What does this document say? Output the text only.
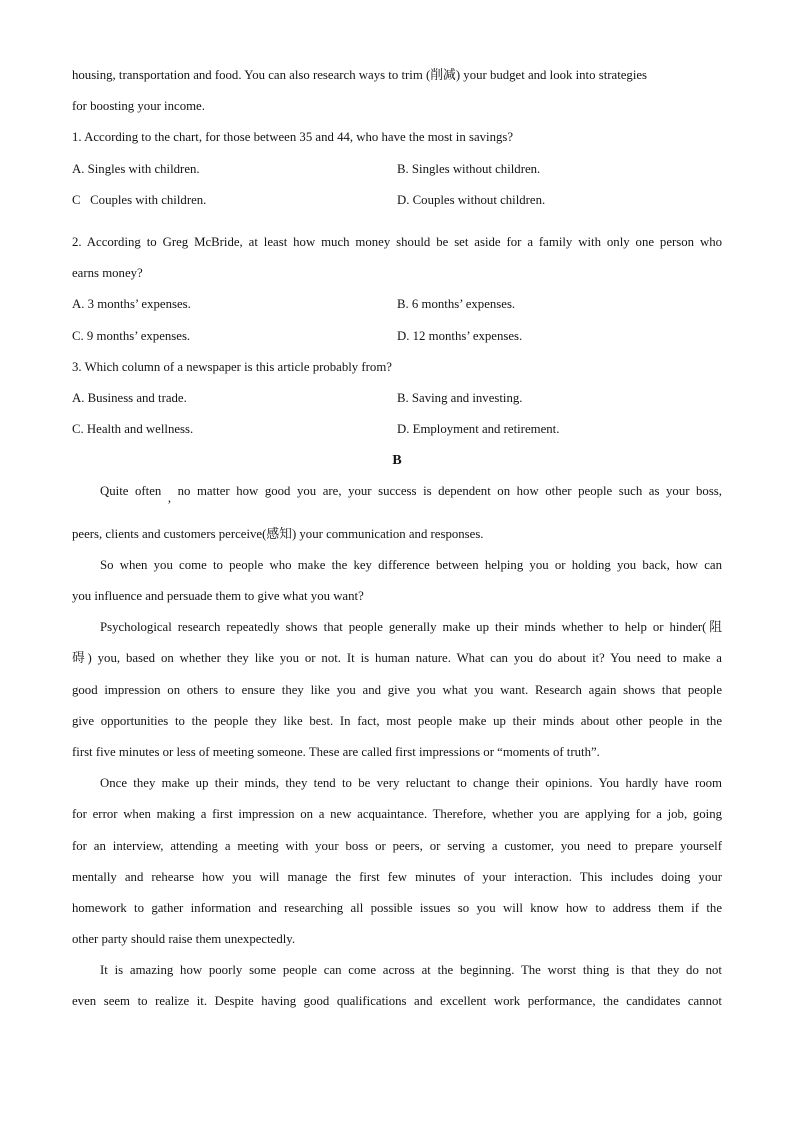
housing, transportation and food. You can also research ways to trim (削减) your budget and look into strategies
for boosting your income.
1. According to the chart, for those between 35 and 44, who have the most in savings?
A. Singles with children.	B. Singles without children.
C   Couples with children.	D. Couples without children.
2. According to Greg McBride, at least how much money should be set aside for a family with only one person who
earns money?
A. 3 months’ expenses.	B. 6 months’ expenses.
C. 9 months’ expenses.	D. 12 months’ expenses.
3. Which column of a newspaper is this article probably from?
A. Business and trade.	B. Saving and investing.
C. Health and wellness.	D. Employment and retirement.
B
Quite often , no matter how good you are, your success is dependent on how other people such as your boss,
peers, clients and customers perceive(感知) your communication and responses.
So when you come to people who make the key difference between helping you or holding you back, how can
you influence and persuade them to give what you want?
Psychological research repeatedly shows that people generally make up their minds whether to help or hinder(阻
碍) you, based on whether they like you or not. It is human nature. What can you do about it? You need to make a
good impression on others to ensure they like you and give you what you want. Research again shows that people
give opportunities to the people they like best. In fact, most people make up their minds about other people in the
first five minutes or less of meeting someone. These are called first impressions or “moments of truth”.
Once they make up their minds, they tend to be very reluctant to change their opinions. You hardly have room
for error when making a first impression on a new acquaintance. Therefore, whether you are applying for a job, going
for an interview, attending a meeting with your boss or peers, or serving a customer, you need to prepare yourself
mentally and rehearse how you will manage the first few minutes of your interaction. This includes doing your
homework to gather information and researching all possible issues so you will know how to address them if the
other party should raise them unexpectedly.
It is amazing how poorly some people can come across at the beginning. The worst thing is that they do not
even seem to realize it. Despite having good qualifications and excellent work performance, the candidates cannot
